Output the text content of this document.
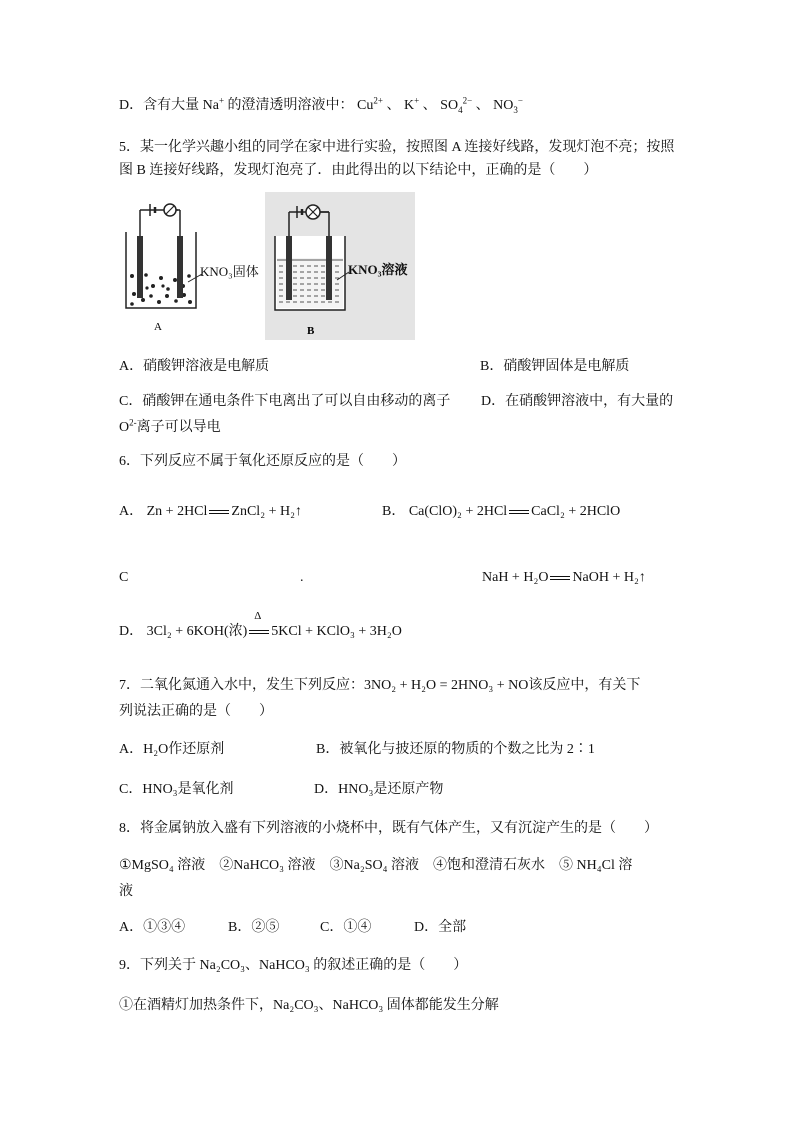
D．含有大量 Na+ 的澄清透明溶液中： $Cu^{2+}$ 、 K+ 、 $SO_4^{2-}$ 、 $NO_3^-$
5．某一化学兴趣小组的同学在家中进行实验，按照图 A 连接好线路，发现灯泡不亮；按照
图 B 连接好线路，发现灯泡亮了．由此得出的以下结论中，正确的是（　　）
A
KNO₃固体
B
KNO₃溶液
A．硝酸钾溶液是电解质	B．硝酸钾固体是电解质
C．硝酸钾在通电条件下电离出了可以自由移动的离子 D．在硝酸钾溶液中，有大量的
$O^{2-}$离子可以导电
6．下列反应不属于氧化还原反应的是（　　）
A． Zn + 2HCl ZnCl₂ + H₂↑	B． Ca(ClO)₂ + 2HCl CaCl₂ + 2HClO
C	.	NaH + H₂O NaOH + H₂↑
D． 3Cl₂ + 6KOH(浓)
Δ
5KCl + KClO₃ + 3H₂O
7．二氧化氮通入水中，发生下列反应：3NO₂ + H₂O = 2HNO₃ + NO该反应中，有关下
列说法正确的是（　　）
A．H₂O作还原剂	B．被氧化与披还原的物质的个数之比为 2∶1
C．HNO₃是氧化剂	D．HNO₃是还原产物
8．将金属钠放入盛有下列溶液的小烧杯中，既有气体产生，又有沉淀产生的是（　　）
①MgSO₄ 溶液　②NaHCO₃ 溶液　③Na₂SO₄ 溶液　④饱和澄清石灰水　⑤ NH₄Cl 溶
液
A．①③④	B．②⑤	C．①④	D．全部
9．下列关于 Na₂CO₃、NaHCO₃ 的叙述正确的是（　　）
①在酒精灯加热条件下，Na₂CO₃、NaHCO₃ 固体都能发生分解
